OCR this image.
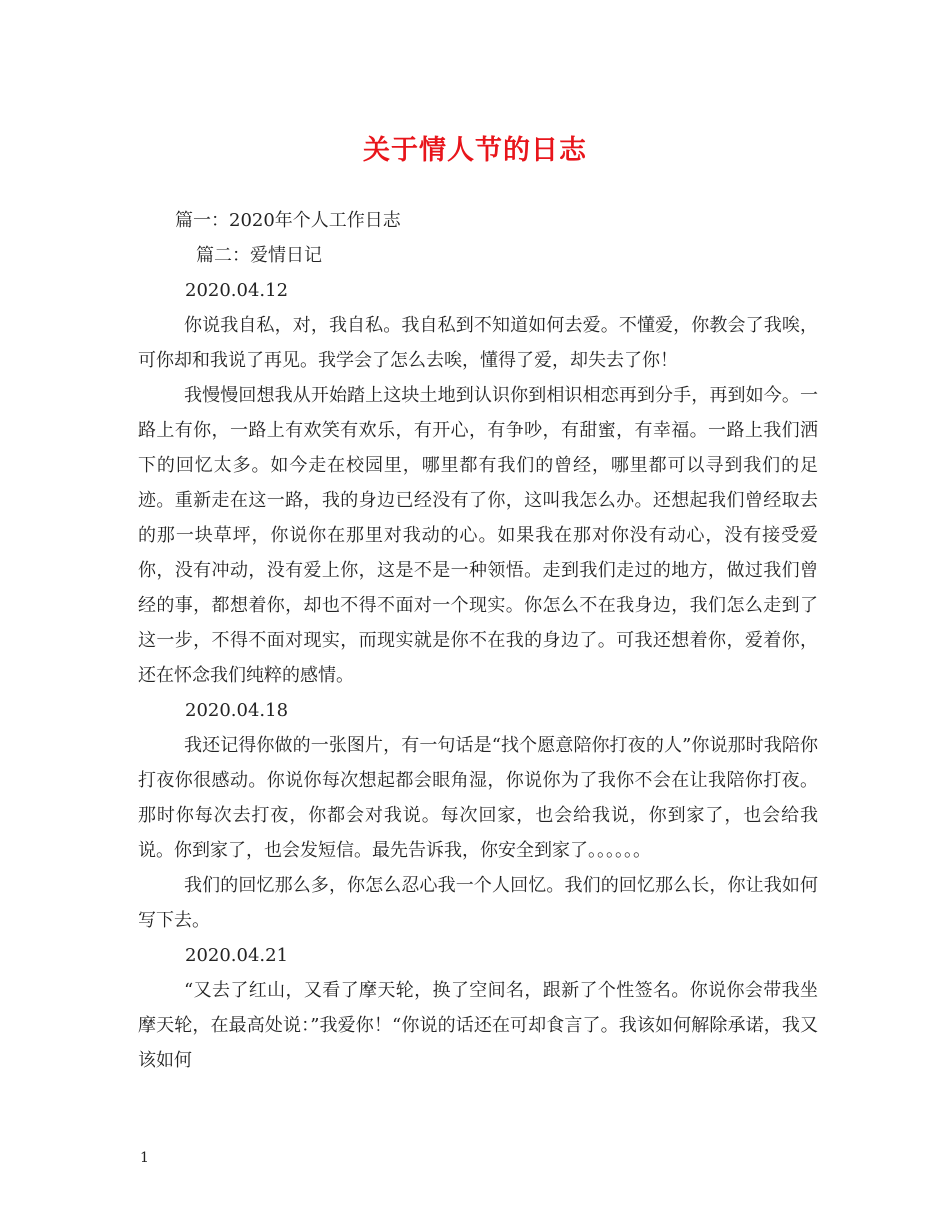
关于情人节的日志

篇一：2020年个人工作日志

篇二：爱情日记

2020.04.12

你说我自私，对，我自私。我自私到不知道如何去爱。不懂爱，你教会了我唉，可你却和我说了再见。我学会了怎么去唉，懂得了爱，却失去了你！

我慢慢回想我从开始踏上这块土地到认识你到相识相恋再到分手，再到如今。一路上有你，一路上有欢笑有欢乐，有开心，有争吵，有甜蜜，有幸福。一路上我们洒下的回忆太多。如今走在校园里，哪里都有我们的曾经，哪里都可以寻到我们的足迹。重新走在这一路，我的身边已经没有了你，这叫我怎么办。还想起我们曾经取去的那一块草坪，你说你在那里对我动的心。如果我在那对你没有动心，没有接受爱你，没有冲动，没有爱上你，这是不是一种领悟。走到我们走过的地方，做过我们曾经的事，都想着你，却也不得不面对一个现实。你怎么不在我身边，我们怎么走到了这一步，不得不面对现实，而现实就是你不在我的身边了。可我还想着你，爱着你，还在怀念我们纯粹的感情。

2020.04.18

我还记得你做的一张图片，有一句话是“找个愿意陪你打夜的人”你说那时我陪你打夜你很感动。你说你每次想起都会眼角湿，你说你为了我你不会在让我陪你打夜。那时你每次去打夜，你都会对我说。每次回家，也会给我说，你到家了，也会给我说。你到家了，也会发短信。最先告诉我，你安全到家了。。。。。。

我们的回忆那么多，你怎么忍心我一个人回忆。我们的回忆那么长，你让我如何写下去。

2020.04.21

“又去了红山，又看了摩天轮，换了空间名，跟新了个性签名。你说你会带我坐摩天轮，在最高处说：”我爱你！“你说的话还在可却食言了。我该如何解除承诺，我又该如何

1
